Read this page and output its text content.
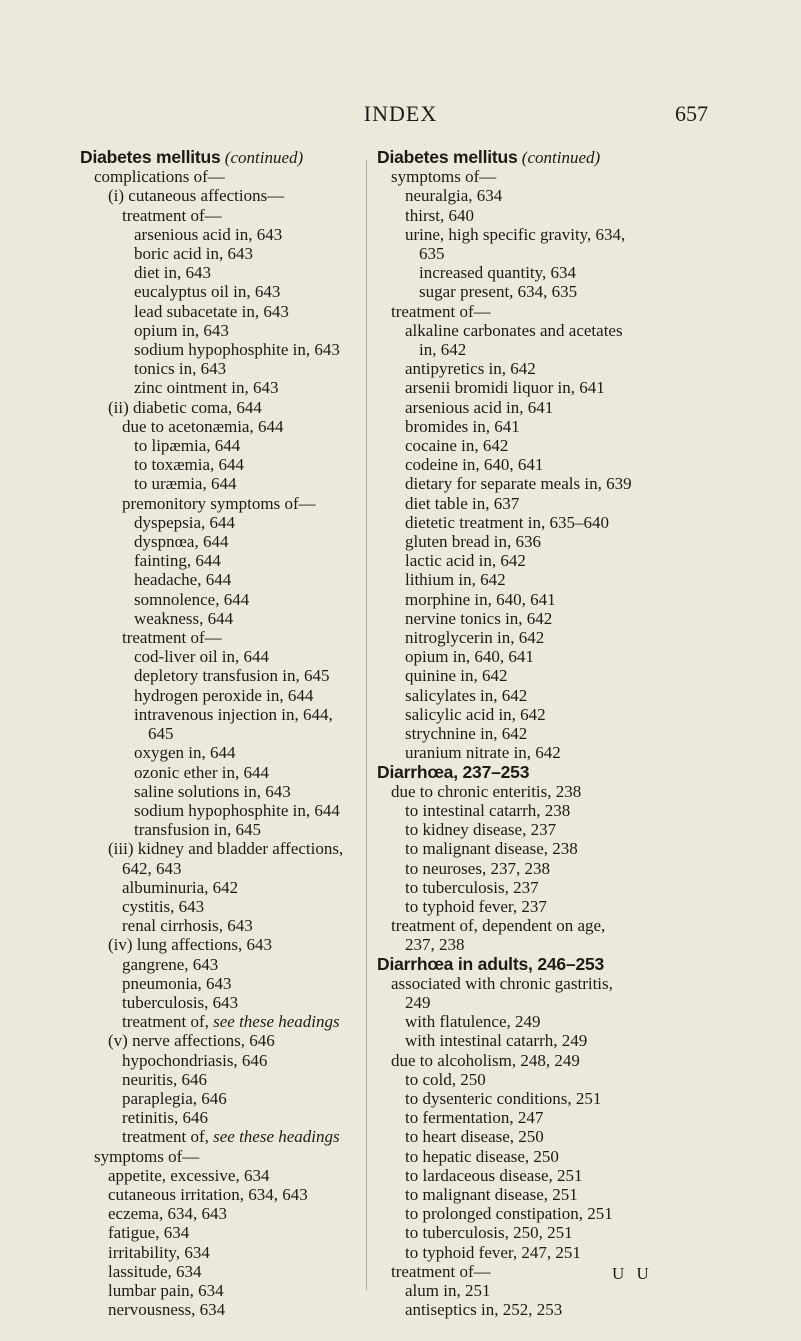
INDEX	657
Diabetes mellitus (continued)
complications of—
(i) cutaneous affections—
treatment of—
arsenious acid in, 643
boric acid in, 643
diet in, 643
eucalyptus oil in, 643
lead subacetate in, 643
opium in, 643
sodium hypophosphite in, 643
tonics in, 643
zinc ointment in, 643
(ii) diabetic coma, 644
due to acetonæmia, 644
to lipæmia, 644
to toxæmia, 644
to uræmia, 644
premonitory symptoms of—
dyspepsia, 644
dyspnœa, 644
fainting, 644
headache, 644
somnolence, 644
weakness, 644
treatment of—
cod-liver oil in, 644
depletory transfusion in, 645
hydrogen peroxide in, 644
intravenous injection in, 644,
645
oxygen in, 644
ozonic ether in, 644
saline solutions in, 643
sodium hypophosphite in, 644
transfusion in, 645
(iii) kidney and bladder affections,
642, 643
albuminuria, 642
cystitis, 643
renal cirrhosis, 643
(iv) lung affections, 643
gangrene, 643
pneumonia, 643
tuberculosis, 643
treatment of, see these headings
(v) nerve affections, 646
hypochondriasis, 646
neuritis, 646
paraplegia, 646
retinitis, 646
treatment of, see these headings
symptoms of—
appetite, excessive, 634
cutaneous irritation, 634, 643
eczema, 634, 643
fatigue, 634
irritability, 634
lassitude, 634
lumbar pain, 634
nervousness, 634
Diabetes mellitus (continued)
symptoms of—
neuralgia, 634
thirst, 640
urine, high specific gravity, 634,
635
increased quantity, 634
sugar present, 634, 635
treatment of—
alkaline carbonates and acetates
in, 642
antipyretics in, 642
arsenii bromidi liquor in, 641
arsenious acid in, 641
bromides in, 641
cocaine in, 642
codeine in, 640, 641
dietary for separate meals in, 639
diet table in, 637
dietetic treatment in, 635–640
gluten bread in, 636
lactic acid in, 642
lithium in, 642
morphine in, 640, 641
nervine tonics in, 642
nitroglycerin in, 642
opium in, 640, 641
quinine in, 642
salicylates in, 642
salicylic acid in, 642
strychnine in, 642
uranium nitrate in, 642
Diarrhœa, 237–253
due to chronic enteritis, 238
to intestinal catarrh, 238
to kidney disease, 237
to malignant disease, 238
to neuroses, 237, 238
to tuberculosis, 237
to typhoid fever, 237
treatment of, dependent on age,
237, 238
Diarrhœa in adults, 246–253
associated with chronic gastritis,
249
with flatulence, 249
with intestinal catarrh, 249
due to alcoholism, 248, 249
to cold, 250
to dysenteric conditions, 251
to fermentation, 247
to heart disease, 250
to hepatic disease, 250
to lardaceous disease, 251
to malignant disease, 251
to prolonged constipation, 251
to tuberculosis, 250, 251
to typhoid fever, 247, 251
treatment of—
alum in, 251
antiseptics in, 252, 253
U U
